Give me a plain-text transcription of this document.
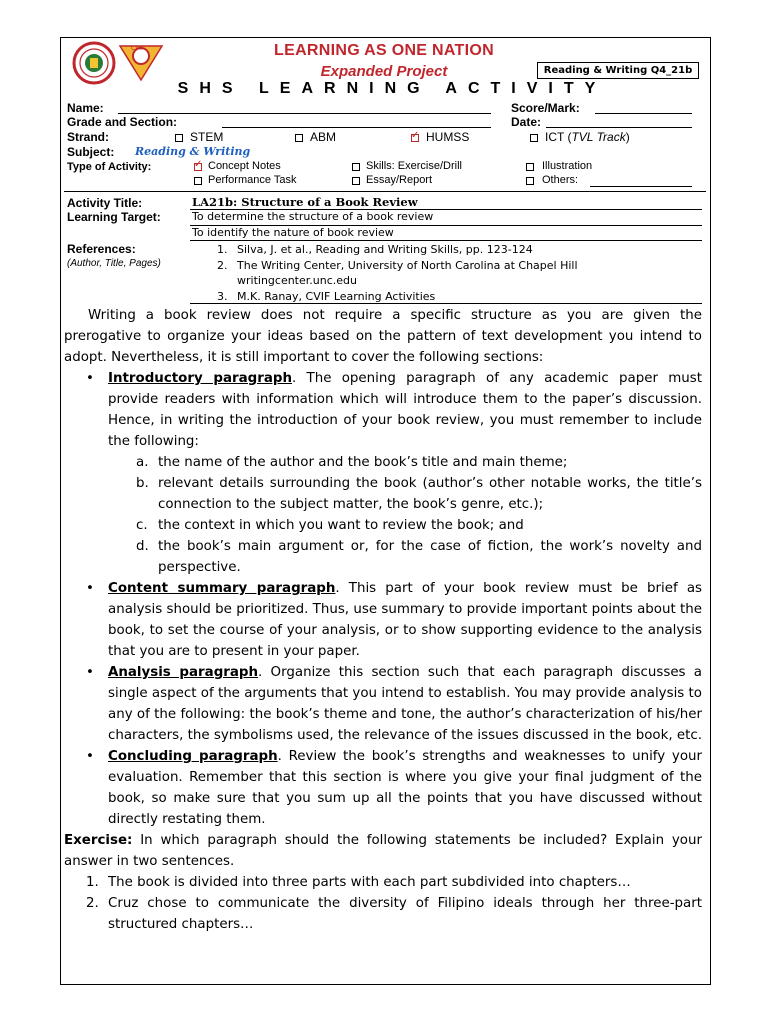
CVIF	LEARNING AS ONE NATION
Expanded Project	Reading & Writing Q4_21b
SHS LEARNING ACTIVITY
Name:	Score/Mark:
Grade and Section:	Date:
Strand:	STEM	ABM ✓	HUMSS	ICT (TVL Track)
Subject: Reading & Writing
Type of Activity: ✓	Concept Notes	Skills: Exercise/Drill	Illustration
Performance Task	Essay/Report	Others:
Activity Title:	LA21b: Structure of a Book Review
Learning Target:	To determine the structure of a book review
To identify the nature of book review
References:
(Author, Title, Pages)
1. Silva, J. et al., Reading and Writing Skills, pp. 123-124
2. The Writing Center, University of North Carolina at Chapel Hill
writingcenter.unc.edu
3. M.K. Ranay, CVIF Learning Activities

Writing a book review does not require a specific structure as you are given the prerogative to organize your ideas based on the pattern of text development you intend to adopt. Nevertheless, it is still important to cover the following sections:

• Introductory paragraph. The opening paragraph of any academic paper must provide readers with information which will introduce them to the paper’s discussion. Hence, in writing the introduction of your book review, you must remember to include the following:
a. the name of the author and the book’s title and main theme;
b. relevant details surrounding the book (author’s other notable works, the title’s connection to the subject matter, the book’s genre, etc.);
c. the context in which you want to review the book; and
d. the book’s main argument or, for the case of fiction, the work’s novelty and perspective.
• Content summary paragraph. This part of your book review must be brief as analysis should be prioritized. Thus, use summary to provide important points about the book, to set the course of your analysis, or to show supporting evidence to the analysis that you are to present in your paper.
• Analysis paragraph. Organize this section such that each paragraph discusses a single aspect of the arguments that you intend to establish. You may provide analysis to any of the following: the book’s theme and tone, the author’s characterization of his/her characters, the symbolisms used, the relevance of the issues discussed in the book, etc.
• Concluding paragraph. Review the book’s strengths and weaknesses to unify your evaluation. Remember that this section is where you give your final judgment of the book, so make sure that you sum up all the points that you have discussed without directly restating them.

Exercise: In which paragraph should the following statements be included? Explain your answer in two sentences.

1. The book is divided into three parts with each part subdivided into chapters…
2. Cruz chose to communicate the diversity of Filipino ideals through her three-part structured chapters…
